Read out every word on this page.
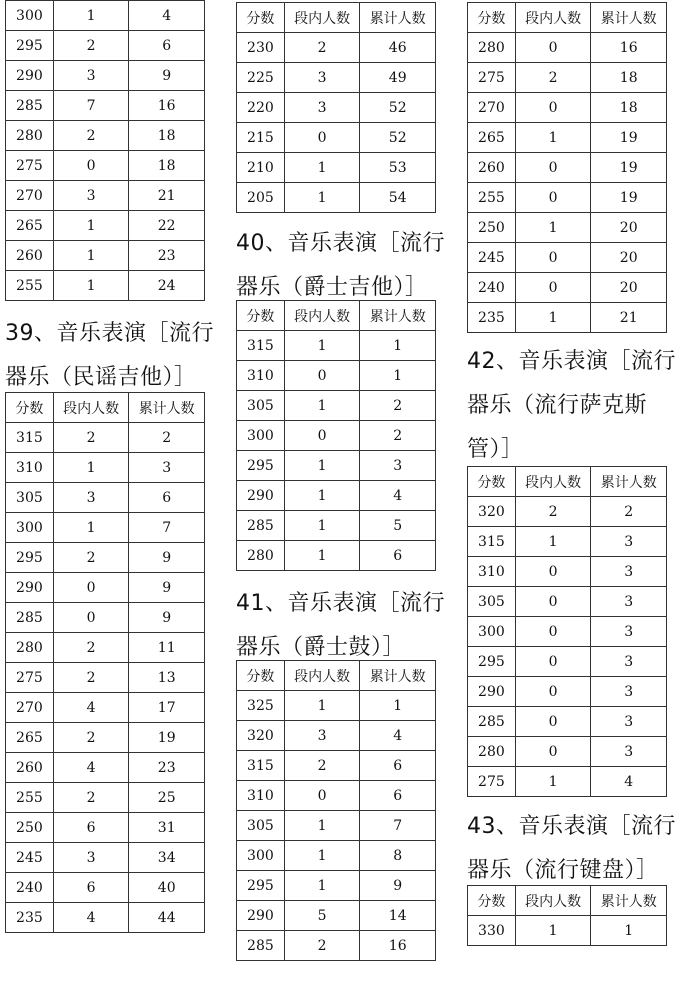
300	1	4
295	2	6
290	3	9
285	7	16
280	2	18
275	0	18
270	3	21
265	1	22
260	1	23
255	1	24
39、音乐表演［流行
器乐（民谣吉他）］
分数	段内人数	累计人数
315	2	2
310	1	3
305	3	6
300	1	7
295	2	9
290	0	9
285	0	9
280	2	11
275	2	13
270	4	17
265	2	19
260	4	23
255	2	25
250	6	31
245	3	34
240	6	40
235	4	44
分数	段内人数	累计人数
230	2	46
225	3	49
220	3	52
215	0	52
210	1	53
205	1	54
40、音乐表演［流行
器乐（爵士吉他）］
分数	段内人数	累计人数
315	1	1
310	0	1
305	1	2
300	0	2
295	1	3
290	1	4
285	1	5
280	1	6
41、音乐表演［流行
器乐（爵士鼓）］
分数	段内人数	累计人数
325	1	1
320	3	4
315	2	6
310	0	6
305	1	7
300	1	8
295	1	9
290	5	14
285	2	16
分数	段内人数	累计人数
280	0	16
275	2	18
270	0	18
265	1	19
260	0	19
255	0	19
250	1	20
245	0	20
240	0	20
235	1	21
42、音乐表演［流行
器乐（流行萨克斯
管）］
分数	段内人数	累计人数
320	2	2
315	1	3
310	0	3
305	0	3
300	0	3
295	0	3
290	0	3
285	0	3
280	0	3
275	1	4
43、音乐表演［流行
器乐（流行键盘）］
分数	段内人数	累计人数
330	1	1
